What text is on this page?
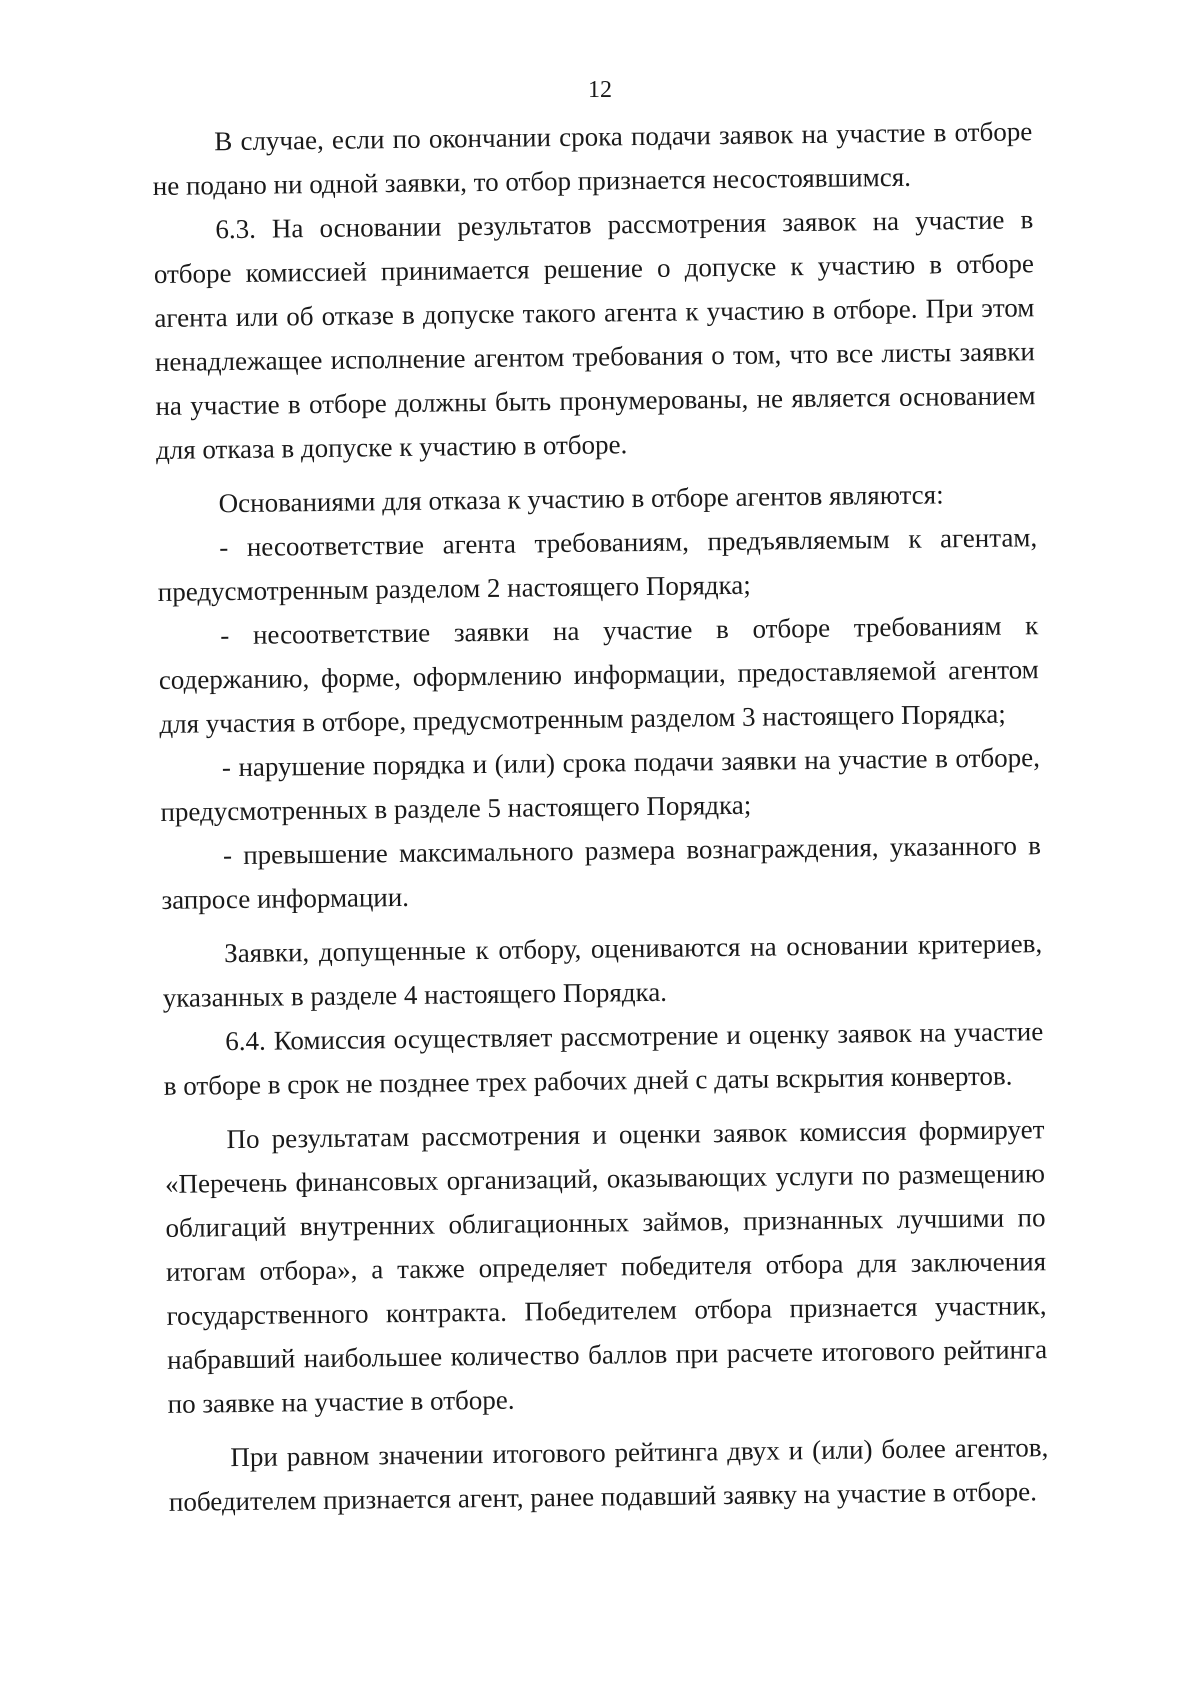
12

В случае, если по окончании срока подачи заявок на участие в отборе не подано ни одной заявки, то отбор признается несостоявшимся.

6.3. На основании результатов рассмотрения заявок на участие в отборе комиссией принимается решение о допуске к участию в отборе агента или об отказе в допуске такого агента к участию в отборе. При этом ненадлежащее исполнение агентом требования о том, что все листы заявки на участие в отборе должны быть пронумерованы, не является основанием для отказа в допуске к участию в отборе.

Основаниями для отказа к участию в отборе агентов являются:

- несоответствие агента требованиям, предъявляемым к агентам, предусмотренным разделом 2 настоящего Порядка;

- несоответствие заявки на участие в отборе требованиям к содержанию, форме, оформлению информации, предоставляемой агентом для участия в отборе, предусмотренным разделом 3 настоящего Порядка;

- нарушение порядка и (или) срока подачи заявки на участие в отборе, предусмотренных в разделе 5 настоящего Порядка;

- превышение максимального размера вознаграждения, указанного в запросе информации.

Заявки, допущенные к отбору, оцениваются на основании критериев, указанных в разделе 4 настоящего Порядка.

6.4. Комиссия осуществляет рассмотрение и оценку заявок на участие в отборе в срок не позднее трех рабочих дней с даты вскрытия конвертов.

По результатам рассмотрения и оценки заявок комиссия формирует «Перечень финансовых организаций, оказывающих услуги по размещению облигаций внутренних облигационных займов, признанных лучшими по итогам отбора», а также определяет победителя отбора для заключения государственного контракта. Победителем отбора признается участник, набравший наибольшее количество баллов при расчете итогового рейтинга по заявке на участие в отборе.

При равном значении итогового рейтинга двух и (или) более агентов, победителем признается агент, ранее подавший заявку на участие в отборе.
